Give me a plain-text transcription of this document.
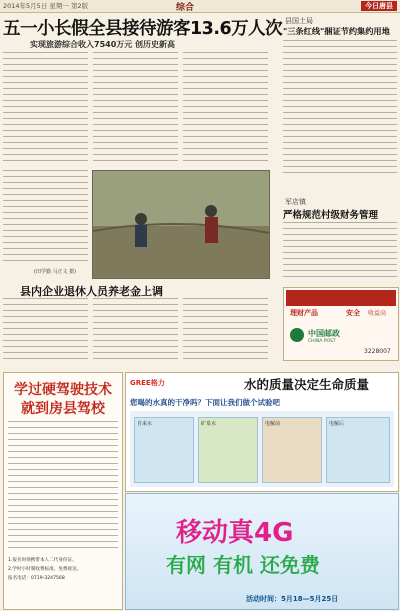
2014年5月5日 星期一 第2版	综合	今日唐县
五一小长假全县接待游客13.6万人次
实现旅游综合收入7540万元 创历史新高
(田学勤 马正文 摄)
县内企业退休人员养老金上调
县国土局
"三条红线"捆证节约集约用地
军店镇
严格规范村级财务管理
理财产品	安全 收益高
中国邮政
CHINA POST
3228007
学过硬驾驶技术
就到房县驾校
1.报名时须携带本人二代身份证。
2.学时小时制收费标准，免费接送。
报名电话：0719-3247568
GREE格力	水的质量决定生命质量
您喝的水真的干净吗？下面让我们做个试验吧
自来水	矿泉水	电解前	电解后
移动真4G
有网 有机 还免费
活动时间：5月18—5月25日
